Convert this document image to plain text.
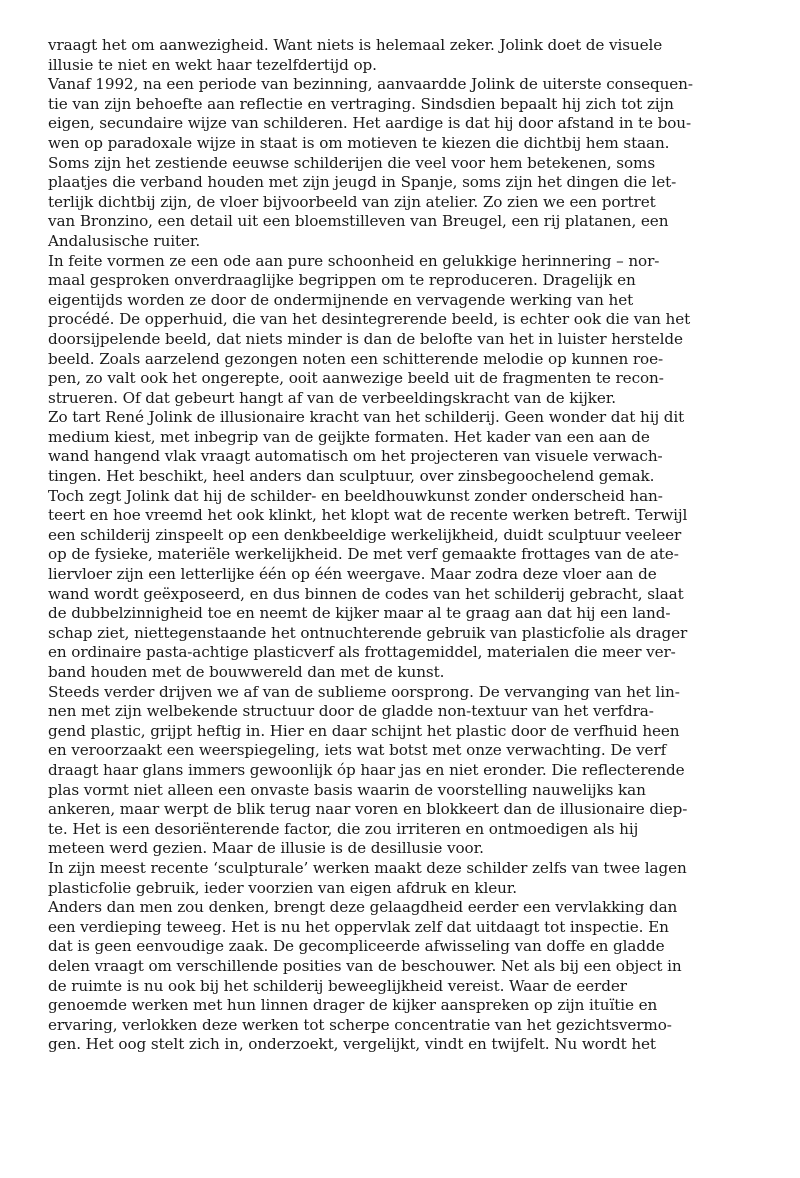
vraagt het om aanwezigheid. Want niets is helemaal zeker. Jolink doet de visuele
illusie te niet en wekt haar tezelfdertijd op.
Vanaf 1992, na een periode van bezinning, aanvaardde Jolink de uiterste consequen-
tie van zijn behoefte aan reflectie en vertraging. Sindsdien bepaalt hij zich tot zijn
eigen, secundaire wijze van schilderen. Het aardige is dat hij door afstand in te bou-
wen op paradoxale wijze in staat is om motieven te kiezen die dichtbij hem staan.
Soms zijn het zestiende eeuwse schilderijen die veel voor hem betekenen, soms
plaatjes die verband houden met zijn jeugd in Spanje, soms zijn het dingen die let-
terlijk dichtbij zijn, de vloer bijvoorbeeld van zijn atelier. Zo zien we een portret
van Bronzino, een detail uit een bloemstilleven van Breugel, een rij platanen, een
Andalusische ruiter.
In feite vormen ze een ode aan pure schoonheid en gelukkige herinnering – nor-
maal gesproken onverdraaglijke begrippen om te reproduceren. Dragelijk en
eigentijds worden ze door de ondermijnende en vervagende werking van het
procédé. De opperhuid, die van het desintegrerende beeld, is echter ook die van het
doorsijpelende beeld, dat niets minder is dan de belofte van het in luister herstelde
beeld. Zoals aarzelend gezongen noten een schitterende melodie op kunnen roe-
pen, zo valt ook het ongerepte, ooit aanwezige beeld uit de fragmenten te recon-
strueren. Of dat gebeurt hangt af van de verbeeldingskracht van de kijker.
Zo tart René Jolink de illusionaire kracht van het schilderij. Geen wonder dat hij dit
medium kiest, met inbegrip van de geijkte formaten. Het kader van een aan de
wand hangend vlak vraagt automatisch om het projecteren van visuele verwach-
tingen. Het beschikt, heel anders dan sculptuur, over zinsbegoochelend gemak.
Toch zegt Jolink dat hij de schilder- en beeldhouwkunst zonder onderscheid han-
teert en hoe vreemd het ook klinkt, het klopt wat de recente werken betreft. Terwijl
een schilderij zinspeelt op een denkbeeldige werkelijkheid, duidt sculptuur veeleer
op de fysieke, materiële werkelijkheid. De met verf gemaakte frottages van de ate-
liervloer zijn een letterlijke één op één weergave. Maar zodra deze vloer aan de
wand wordt geëxposeerd, en dus binnen de codes van het schilderij gebracht, slaat
de dubbelzinnigheid toe en neemt de kijker maar al te graag aan dat hij een land-
schap ziet, niettegenstaande het ontnuchterende gebruik van plasticfolie als drager
en ordinaire pasta-achtige plasticverf als frottagemiddel, materialen die meer ver-
band houden met de bouwwereld dan met de kunst.
Steeds verder drijven we af van de sublieme oorsprong. De vervanging van het lin-
nen met zijn welbekende structuur door de gladde non-textuur van het verfdra-
gend plastic, grijpt heftig in. Hier en daar schijnt het plastic door de verfhuid heen
en veroorzaakt een weerspiegeling, iets wat botst met onze verwachting. De verf
draagt haar glans immers gewoonlijk óp haar jas en niet eronder. Die reflecterende
plas vormt niet alleen een onvaste basis waarin de voorstelling nauwelijks kan
ankeren, maar werpt de blik terug naar voren en blokkeert dan de illusionaire diep-
te. Het is een desoriënterende factor, die zou irriteren en ontmoedigen als hij
meteen werd gezien. Maar de illusie is de desillusie voor.
In zijn meest recente ‘sculpturale’ werken maakt deze schilder zelfs van twee lagen
plasticfolie gebruik, ieder voorzien van eigen afdruk en kleur.
Anders dan men zou denken, brengt deze gelaagdheid eerder een vervlakking dan
een verdieping teweeg. Het is nu het oppervlak zelf dat uitdaagt tot inspectie. En
dat is geen eenvoudige zaak. De gecompliceerde afwisseling van doffe en gladde
delen vraagt om verschillende posities van de beschouwer. Net als bij een object in
de ruimte is nu ook bij het schilderij beweeglijkheid vereist. Waar de eerder
genoemde werken met hun linnen drager de kijker aanspreken op zijn ituïtie en
ervaring, verlokken deze werken tot scherpe concentratie van het gezichtsvermo-
gen. Het oog stelt zich in, onderzoekt, vergelijkt, vindt en twijfelt. Nu wordt het
